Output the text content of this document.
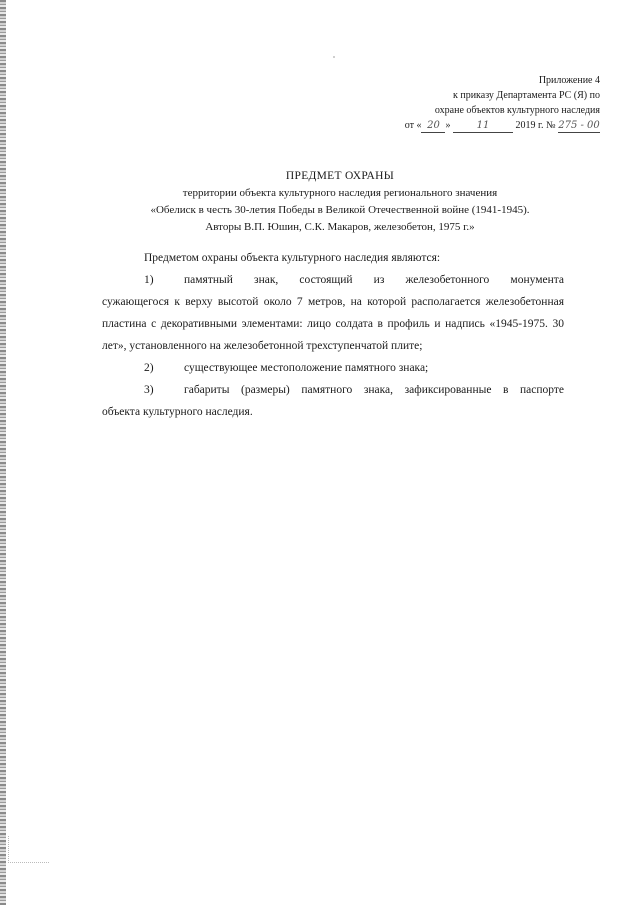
Приложение 4
к приказу Департамента РС (Я) по
охране объектов культурного наследия
от « 20 »	11	2019 г. № 275 - 00
ПРЕДМЕТ ОХРАНЫ
территории объекта культурного наследия регионального значения
«Обелиск в честь 30-летия Победы в Великой Отечественной войне (1941-1945).
Авторы В.П. Юшин, С.К. Макаров, железобетон, 1975 г.»

Предметом охраны объекта культурного наследия являются:

1)	памятный знак, состоящий из железобетонного монумента

сужающегося к верху высотой около 7 метров, на которой располагается железобетонная пластина с декоративными элементами: лицо солдата в профиль и надпись «1945-1975. 30 лет», установленного на железобетонной трехступенчатой плите;

2)	существующее местоположение памятного знака;

3)	габариты (размеры) памятного знака, зафиксированные в паспорте

объекта культурного наследия.
